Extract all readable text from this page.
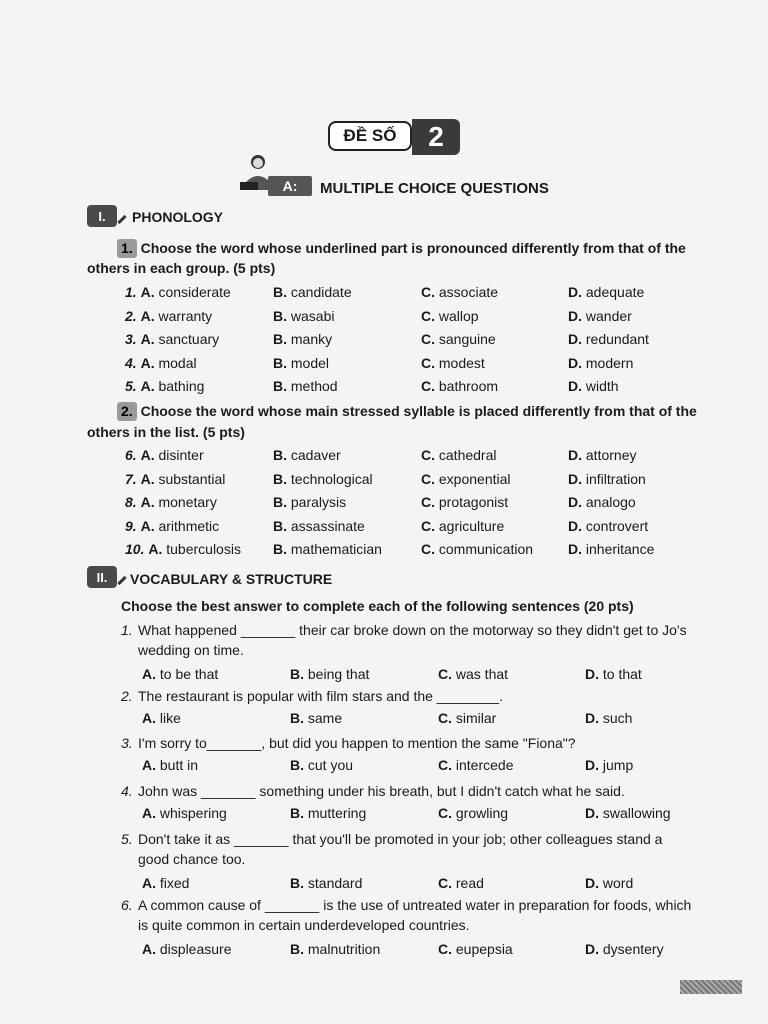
ĐỀ SỐ	2
A:	MULTIPLE CHOICE QUESTIONS
I.	PHONOLOGY
1. Choose the word whose underlined part is pronounced differently from that of the
others in each group. (5 pts)
1. A. considerate	B. candidate	C. associate	D. adequate
2. A. warranty	B. wasabi	C. wallop	D. wander
3. A. sanctuary	B. manky	C. sanguine	D. redundant
4. A. modal	B. model	C. modest	D. modern
5. A. bathing	B. method	C. bathroom	D. width
2. Choose the word whose main stressed syllable is placed differently from that of the
others in the list. (5 pts)
6. A. disinter	B. cadaver	C. cathedral	D. attorney
7. A. substantial	B. technological	C. exponential	D. infiltration
8. A. monetary	B. paralysis	C. protagonist	D. analogo
9. A. arithmetic	B. assassinate	C. agriculture	D. controvert
10. A. tuberculosis B. mathematician	C. communication D. inheritance
II.	VOCABULARY & STRUCTURE
Choose the best answer to complete each of the following sentences (20 pts)
1. What happened _______ their car broke down on the motorway so they didn't get to Jo's
wedding on time.
A. to be that	B. being that	C. was that	D. to that
2. The restaurant is popular with film stars and the ________.
A. like	B. same	C. similar	D. such
3. I'm sorry to_______, but did you happen to mention the same "Fiona"?
A. butt in	B. cut you	C. intercede	D. jump
4. John was _______ something under his breath, but I didn't catch what he said.
A. whispering	B. muttering	C. growling	D. swallowing
5. Don't take it as _______ that you'll be promoted in your job; other colleagues stand a
good chance too.
A. fixed	B. standard	C. read	D. word
6. A common cause of _______ is the use of untreated water in preparation for foods, which
is quite common in certain underdeveloped countries.
A. displeasure	B. malnutrition	C. eupepsia	D. dysentery
